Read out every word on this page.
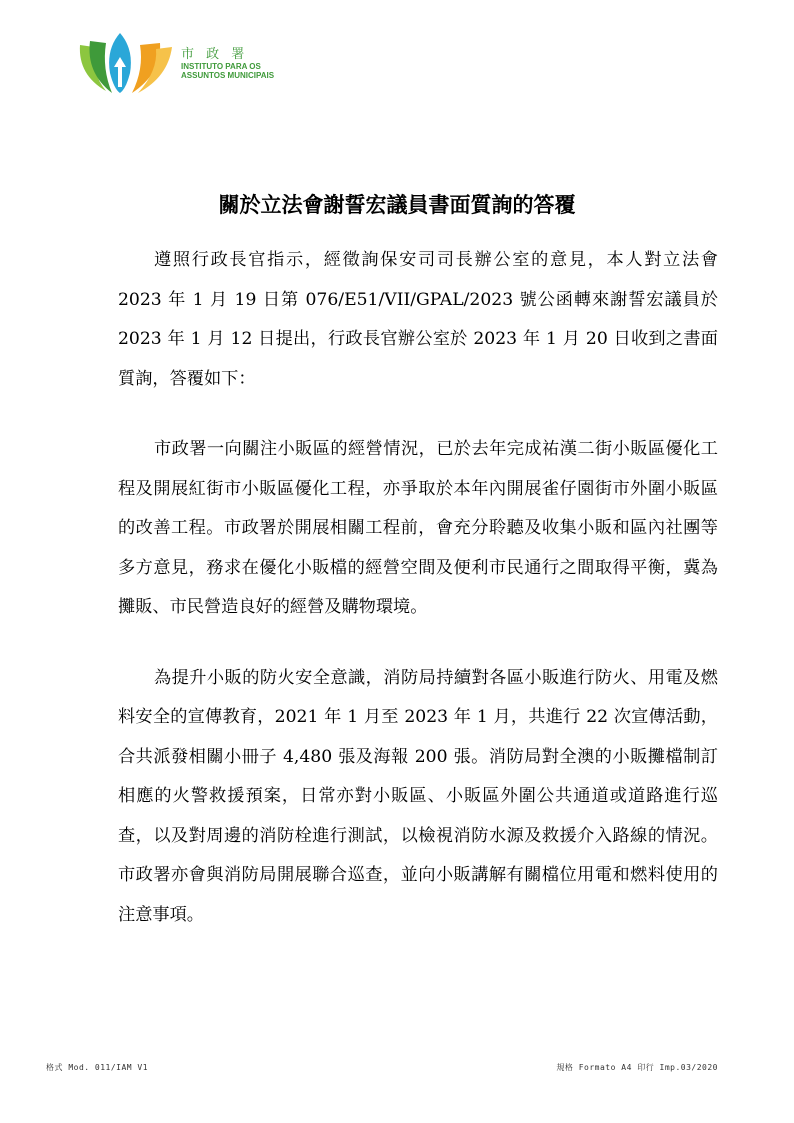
市 政 署
INSTITUTO PARA OS
ASSUNTOS MUNICIPAIS
關於立法會謝誓宏議員書面質詢的答覆

遵照行政長官指示，經徵詢保安司司長辦公室的意見，本人對立法會 2023 年 1 月 19 日第 076/E51/VII/GPAL/2023 號公函轉來謝誓宏議員於 2023 年 1 月 12 日提出，行政長官辦公室於 2023 年 1 月 20 日收到之書面質詢，答覆如下：

市政署一向關注小販區的經營情況，已於去年完成祐漢二街小販區優化工程及開展紅街市小販區優化工程，亦爭取於本年內開展雀仔園街市外圍小販區的改善工程。市政署於開展相關工程前，會充分聆聽及收集小販和區內社團等多方意見，務求在優化小販檔的經營空間及便利市民通行之間取得平衡，冀為攤販、市民營造良好的經營及購物環境。

為提升小販的防火安全意識，消防局持續對各區小販進行防火、用電及燃料安全的宣傳教育，2021 年 1 月至 2023 年 1 月，共進行 22 次宣傳活動，合共派發相關小冊子 4,480 張及海報 200 張。消防局對全澳的小販攤檔制訂相應的火警救援預案，日常亦對小販區、小販區外圍公共通道或道路進行巡查，以及對周邊的消防栓進行測試，以檢視消防水源及救援介入路線的情況。市政署亦會與消防局開展聯合巡查，並向小販講解有關檔位用電和燃料使用的注意事項。

格式 Mod. 011/IAM V1	規格 Formato A4 印行 Imp.03/2020
